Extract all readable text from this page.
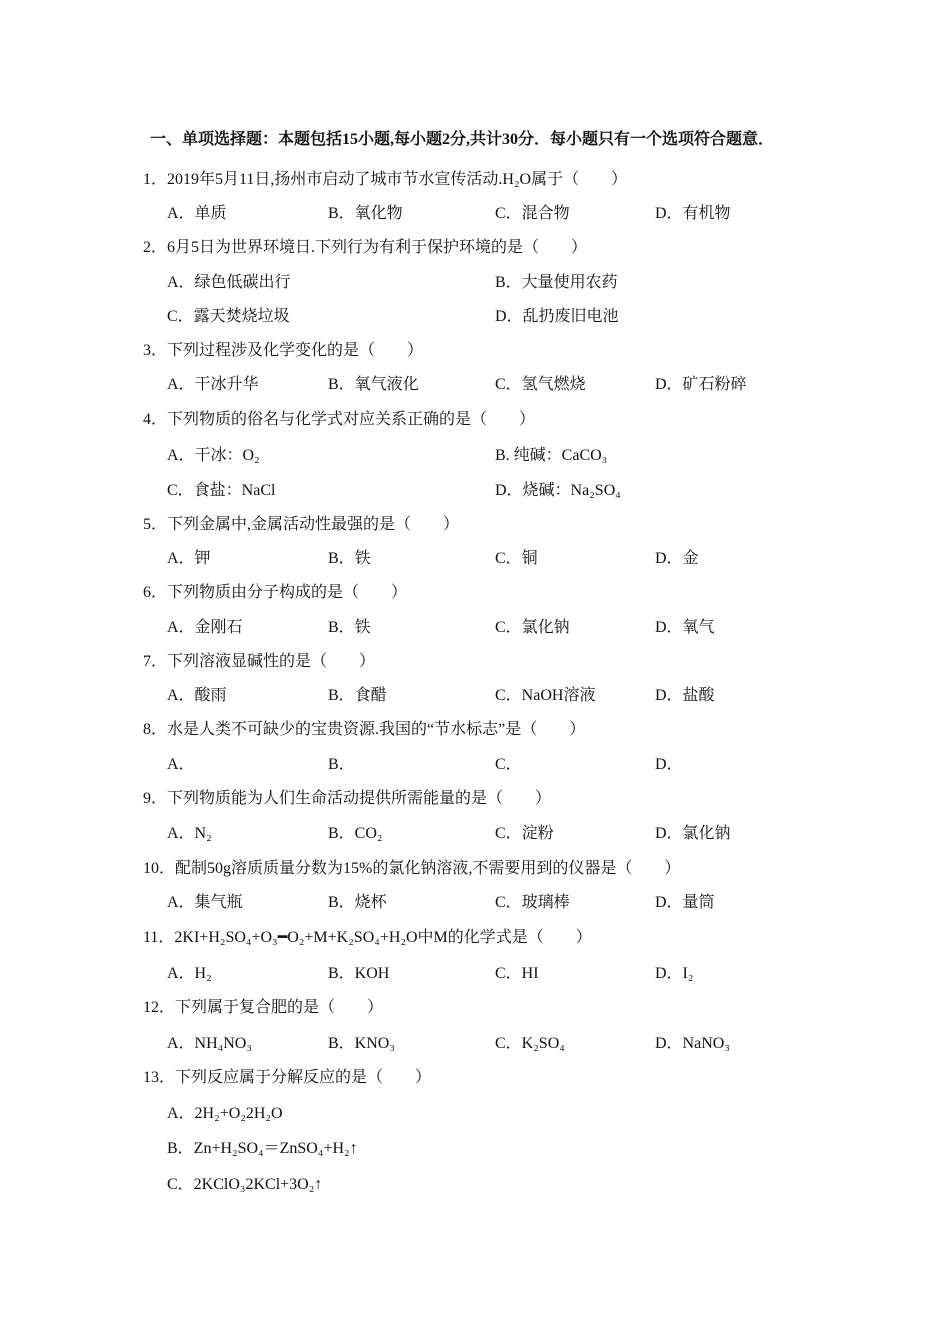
一、单项选择题：本题包括15小题,每小题2分,共计30分．每小题只有一个选项符合题意．
1．2019年5月11日,扬州市启动了城市节水宣传活动.H₂O属于（　　）
A．单质	B．氧化物	C．混合物	D．有机物
2．6月5日为世界环境日.下列行为有利于保护环境的是（　　）
A．绿色低碳出行	B．大量使用农药
C．露天焚烧垃圾	D．乱扔废旧电池
3．下列过程涉及化学变化的是（　　）
A．干冰升华	B．氧气液化	C．氢气燃烧	D．矿石粉碎
4．下列物质的俗名与化学式对应关系正确的是（　　）
A．干冰：O₂	B. 纯碱：CaCO₃
C．食盐：NaCl	D．烧碱：Na₂SO₄
5．下列金属中,金属活动性最强的是（　　）
A．钾	B．铁	C．铜	D．金
6．下列物质由分子构成的是（　　）
A．金刚石	B．铁	C．氯化钠	D．氧气
7．下列溶液显碱性的是（　　）
A．酸雨	B．食醋	C．NaOH溶液	D．盐酸
8．水是人类不可缺少的宝贵资源.我国的“节水标志”是（　　）
A．	B．	C．	D．
9．下列物质能为人们生命活动提供所需能量的是（　　）
A．N₂	B．CO₂	C．淀粉	D．氯化钠
10．配制50g溶质质量分数为15%的氯化钠溶液,不需要用到的仪器是（　　）
A．集气瓶	B．烧杯	C．玻璃棒	D．量筒
11．2KI+H₂SO₄+O₃━O₂+M+K₂SO₄+H₂O中M的化学式是（　　）
A．H₂	B．KOH	C．HI	D．I₂
12．下列属于复合肥的是（　　）
A．NH₄NO₃	B．KNO₃	C．K₂SO₄	D．NaNO₃
13．下列反应属于分解反应的是（　　）
A．2H₂+O₂2H₂O
B．Zn+H₂SO₄＝ZnSO₄+H₂↑
C．2KClO₃2KCl+3O₂↑
